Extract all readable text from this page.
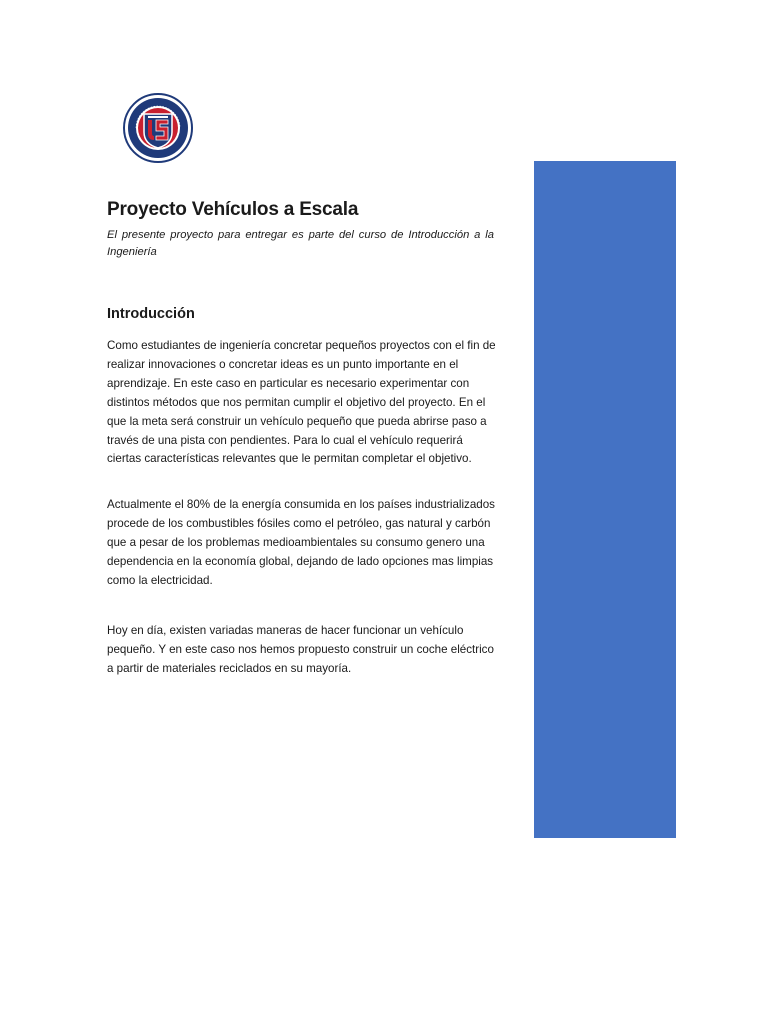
Proyecto Vehículos a Escala

El presente proyecto para entregar es parte del curso de Introducción a la Ingeniería

Introducción

Como estudiantes de ingeniería concretar pequeños proyectos con el fin de realizar innovaciones o concretar ideas es un punto importante en el aprendizaje. En este caso en particular es necesario experimentar con distintos métodos que nos permitan cumplir el objetivo del proyecto. En el que la meta será construir un vehículo pequeño que pueda abrirse paso a través de una pista con pendientes. Para lo cual el vehículo requerirá ciertas características relevantes que le permitan completar el objetivo.

Actualmente el 80% de la energía consumida en los países industrializados procede de los combustibles fósiles como el petróleo, gas natural y carbón que a pesar de los problemas medioambientales su consumo genero una dependencia en la economía global, dejando de lado opciones mas limpias como la electricidad.

Hoy en día, existen variadas maneras de hacer funcionar un vehículo pequeño. Y en este caso nos hemos propuesto construir un coche eléctrico a partir de materiales reciclados en su mayoría.
